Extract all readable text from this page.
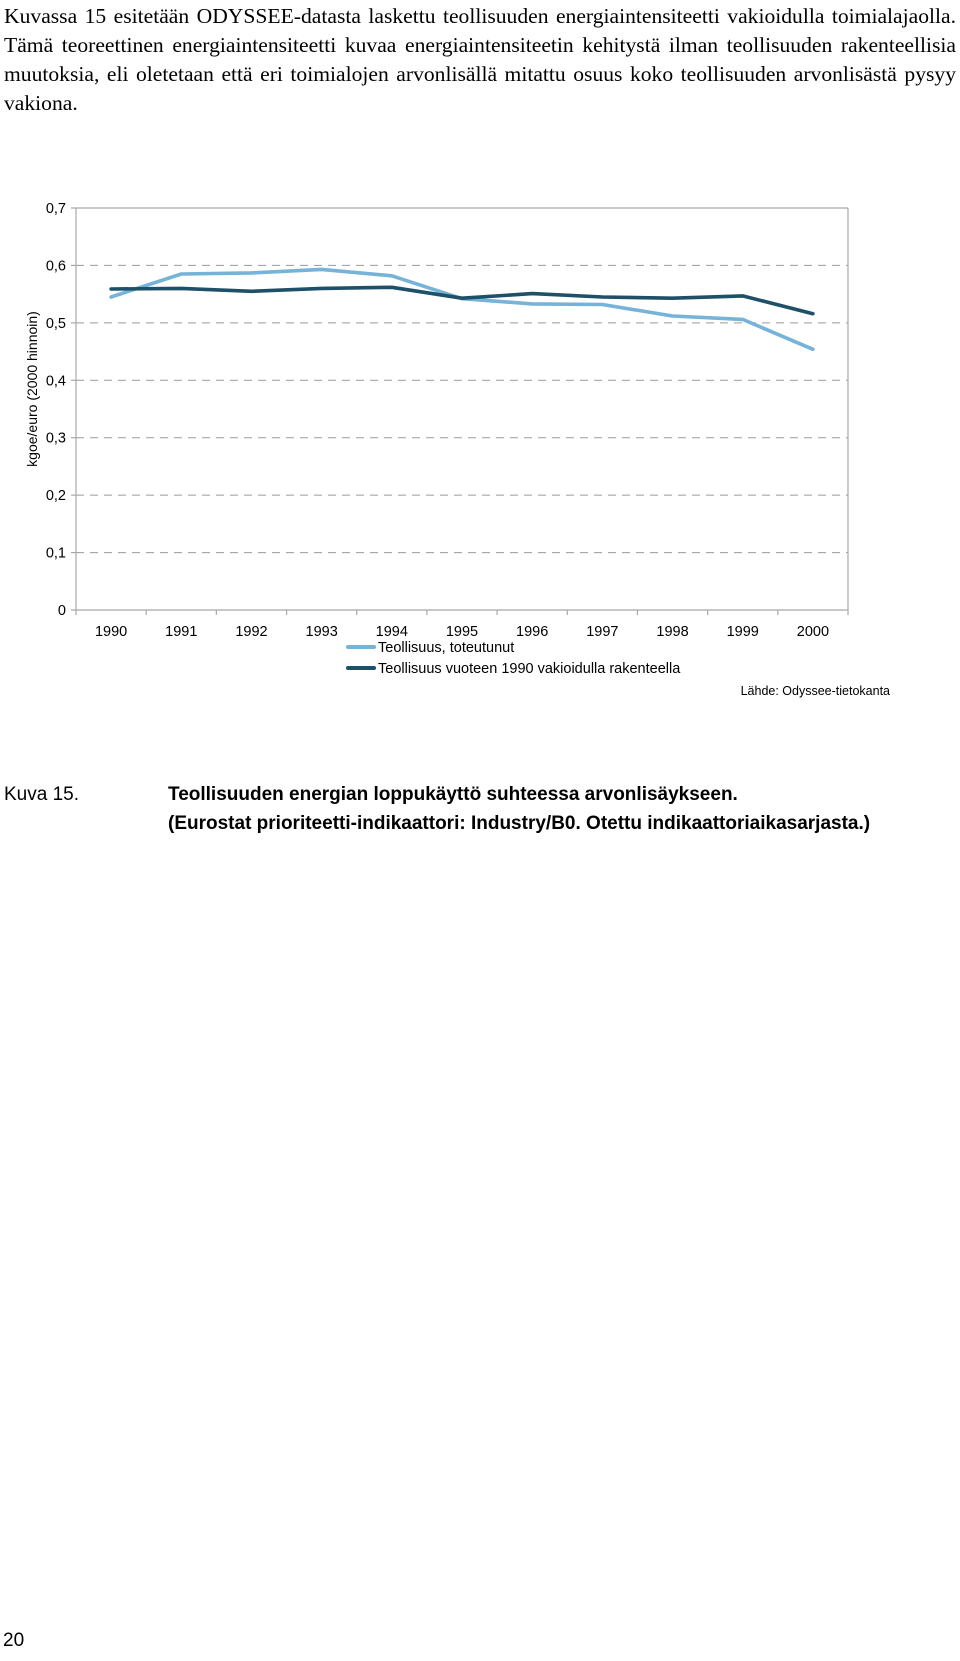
Kuvassa 15 esitetään ODYSSEE-datasta laskettu teollisuuden energiaintensiteetti vakioidulla toimialajaolla. Tämä teoreettinen energiaintensiteetti kuvaa energiaintensiteetin kehitystä ilman teollisuuden rakenteellisia muutoksia, eli oletetaan että eri toimialojen arvonlisällä mitattu osuus koko teollisuuden arvonlisästä pysyy vakiona.

0
0,1
0,2
0,3
0,4
0,5
0,6
0,7
1990	1991	1992	1993	1994	1995	1996	1997	1998	1999	2000
kgoe/euro (2000 hinnoin)
Teollisuus, toteutunut
Teollisuus vuoteen 1990 vakioidulla rakenteella
Lähde: Odyssee-tietokanta
Kuva 15.	Teollisuuden energian loppukäyttö suhteessa arvonlisäykseen.
(Eurostat prioriteetti-indikaattori: Industry/B0. Otettu indikaattoriaikasarjasta.)
20
